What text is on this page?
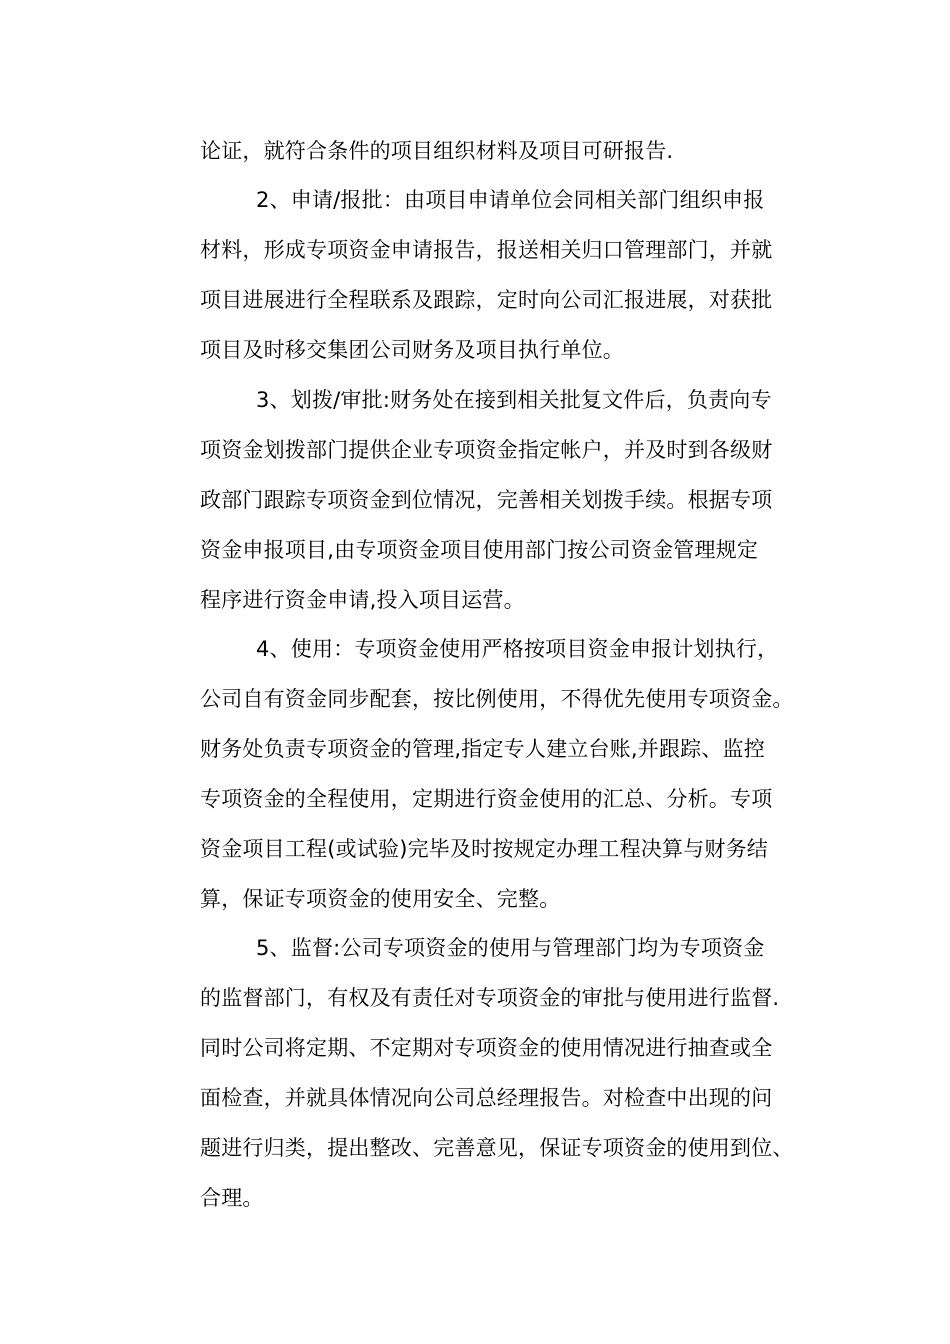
论证，就符合条件的项目组织材料及项目可研报告.
2、申请/报批：由项目申请单位会同相关部门组织申报
材料，形成专项资金申请报告，报送相关归口管理部门，并就
项目进展进行全程联系及跟踪，定时向公司汇报进展，对获批
项目及时移交集团公司财务及项目执行单位。
3、划拨/审批:财务处在接到相关批复文件后，负责向专
项资金划拨部门提供企业专项资金指定帐户，并及时到各级财
政部门跟踪专项资金到位情况，完善相关划拨手续。根据专项
资金申报项目,由专项资金项目使用部门按公司资金管理规定
程序进行资金申请,投入项目运营。
4、使用：专项资金使用严格按项目资金申报计划执行，
公司自有资金同步配套，按比例使用，不得优先使用专项资金。
财务处负责专项资金的管理,指定专人建立台账,并跟踪、监控
专项资金的全程使用，定期进行资金使用的汇总、分析。专项
资金项目工程(或试验)完毕及时按规定办理工程决算与财务结
算，保证专项资金的使用安全、完整。
5、监督:公司专项资金的使用与管理部门均为专项资金
的监督部门，有权及有责任对专项资金的审批与使用进行监督.
同时公司将定期、不定期对专项资金的使用情况进行抽查或全
面检查，并就具体情况向公司总经理报告。对检查中出现的问
题进行归类，提出整改、完善意见，保证专项资金的使用到位、
合理。
